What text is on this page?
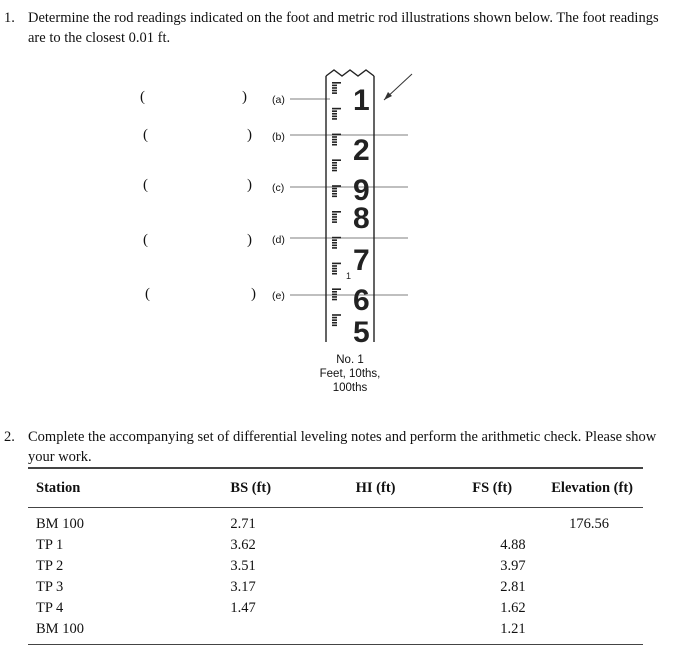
1. Determine the rod readings indicated on the foot and metric rod illustrations shown below. The foot readings are to the closest 0.01 ft.
(	) (a)
(	) (b)
(	) (c)
(	) (d)
(	) (e)
1
2
9
8
7
6
5
1
No. 1
Feet, 10ths,
100ths
2. Complete the accompanying set of differential leveling notes and perform the arithmetic check. Please show your work.
Station	BS (ft)	HI (ft)	FS (ft)	Elevation (ft)
BM 100	2.71			176.56
TP 1	3.62		4.88	
TP 2	3.51		3.97	
TP 3	3.17		2.81	
TP 4	1.47		1.62	
BM 100			1.21	
